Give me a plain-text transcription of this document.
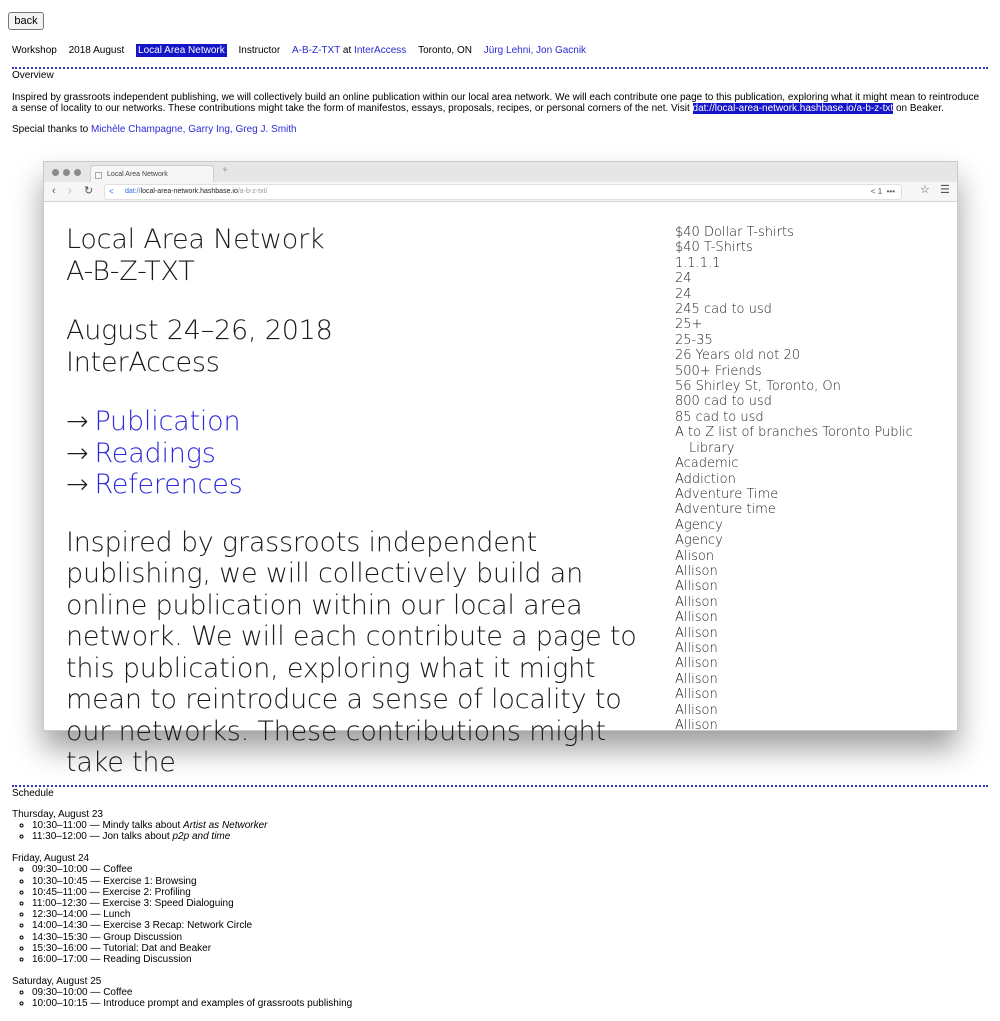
back
Workshop 2018 August Local Area Network Instructor A-B-Z-TXT at InterAccess Toronto, ON Jürg Lehni, Jon Gacnik
Overview
Inspired by grassroots independent publishing, we will collectively build an online publication within our local area network. We will each contribute one page to this publication, exploring what it might mean to reintroduce a sense of locality to our networks. These contributions might take the form of manifestos, essays, proposals, recipes, or personal corners of the net. Visit dat://local-area-network.hashbase.io/a-b-z-txt on Beaker.
Special thanks to Michèle Champagne, Garry Ing, Greg J. Smith
Local Area Network	+
‹ › ↻ < dat://local-area-network.hashbase.io/a-b-z-txt/	< 1  ••• ☆ ☰
Local Area Network
A-B-Z-TXT
August 24–26, 2018
InterAccess
→ Publication
→ Readings
→ References
Inspired by grassroots independent publishing, we will collectively build an online publication within our local area network. We will each contribute a page to this publication, exploring what it might mean to reintroduce a sense of locality to our networks. These contributions might take the
$40 Dollar T-shirts
$40 T-Shirts
1.1.1.1
24
24
245 cad to usd
25+
25-35
26 Years old not 20
500+ Friends
56 Shirley St, Toronto, On
800 cad to usd
85 cad to usd
A to Z list of branches Toronto Public Library
Academic
Addiction
Adventure Time
Adventure time
Agency
Agency
Alison
Allison
Allison
Allison
Allison
Allison
Allison
Allison
Allison
Allison
Allison
Allison
Schedule
Thursday, August 23
◦ 10:30–11:00 — Mindy talks about Artist as Networker
◦ 11:30–12:00 — Jon talks about p2p and time
Friday, August 24
◦ 09:30–10:00 — Coffee
◦ 10:30–10:45 — Exercise 1: Browsing
◦ 10:45–11:00 — Exercise 2: Profiling
◦ 11:00–12:30 — Exercise 3: Speed Dialoguing
◦ 12:30–14:00 — Lunch
◦ 14:00–14:30 — Exercise 3 Recap: Network Circle
◦ 14:30–15:30 — Group Discussion
◦ 15:30–16:00 — Tutorial: Dat and Beaker
◦ 16:00–17:00 — Reading Discussion
Saturday, August 25
◦ 09:30–10:00 — Coffee
◦ 10:00–10:15 — Introduce prompt and examples of grassroots publishing
